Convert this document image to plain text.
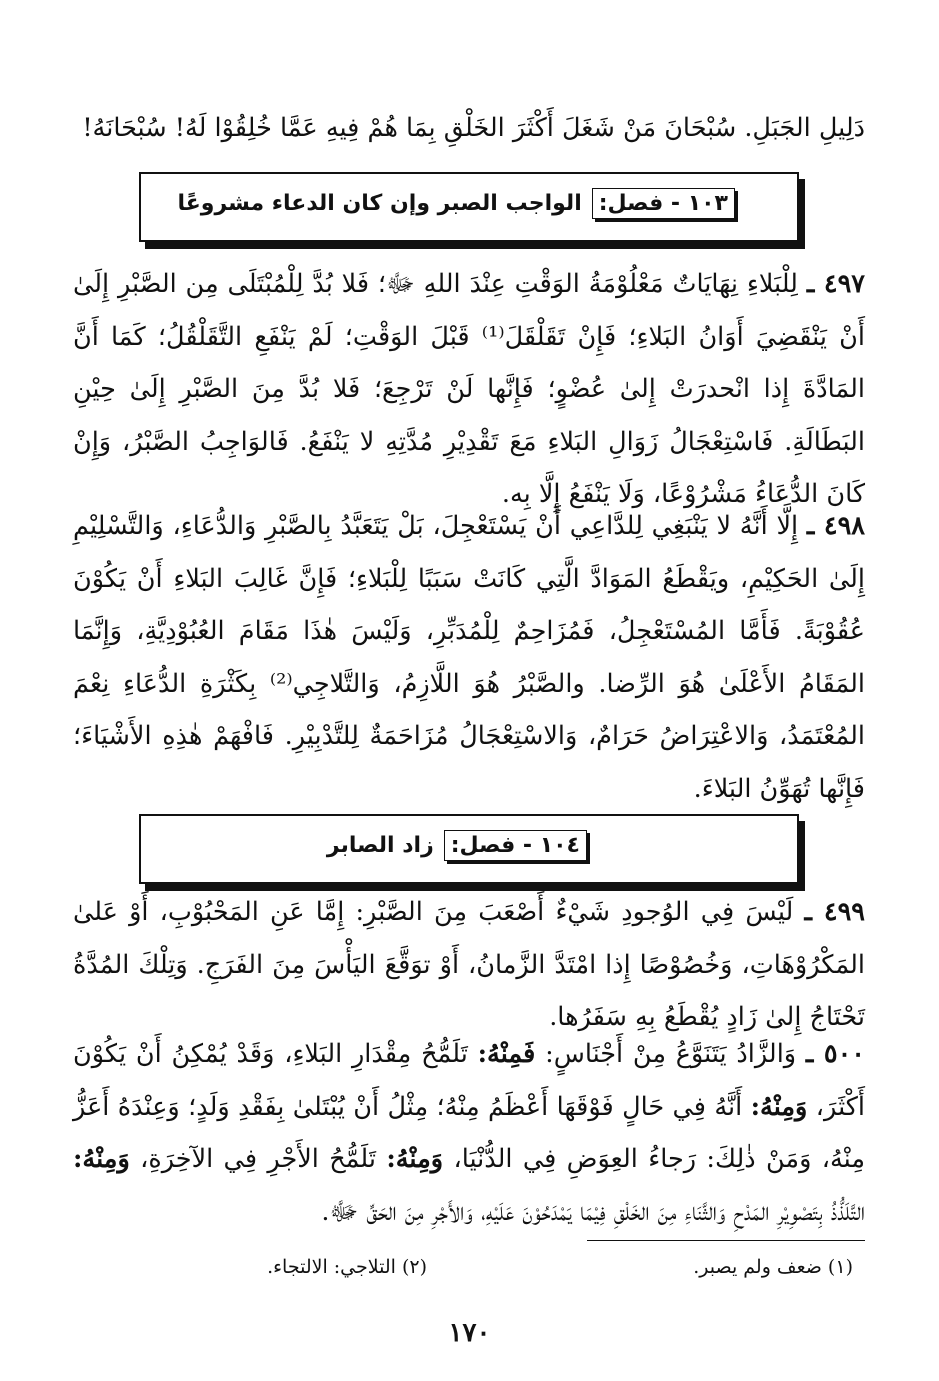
دَلِيلِ الجَبَلِ. سُبْحَانَ مَنْ شَغَلَ أَكْثَرَ الخَلْقِ بِمَا هُمْ فِيهِ عَمَّا خُلِقُوْا لَهُ! سُبْحَانَهُ!
١٠٣ - فصل:
الواجب الصبر وإن كان الدعاء مشروعًا
٤٩٧ ـ لِلْبَلاءِ نِهَايَاتٌ مَعْلُوْمَةُ الوَقْتِ عِنْدَ اللهِ ﷻ؛ فَلا بُدَّ لِلْمُبْتَلَى مِن الصَّبْرِ إِلَىٰ أَنْ يَنْقَضِيَ أَوَانُ البَلاءِ؛ فَإِنْ تَقَلْقَلَ⁽¹⁾ قَبْلَ الوَقْتِ؛ لَمْ يَنْفَعِ التَّقَلْقُلُ؛ كَمَا أَنَّ المَادَّةَ إِذا انْحدرَتْ إِلىٰ عُضْوٍ؛ فَإِنَّها لَنْ تَرْجِعَ؛ فَلا بُدَّ مِنَ الصَّبْرِ إِلَىٰ حِيْنِ البَطَالَةِ. فَاسْتِعْجَالُ زَوَالِ البَلاءِ مَعَ تَقْدِيْرِ مُدَّتِهِ لا يَنْفَعُ. فَالوَاجِبُ الصَّبْرُ، وَإِنْ كَانَ الدُّعَاءُ مَشْرُوْعًا، وَلَا يَنْفَعُ إِلَّا بِه.
٤٩٨ ـ إِلَّا أَنَّهُ لا يَنْبَغِي لِلدَّاعِي أَنْ يَسْتَعْجِلَ، بَلْ يَتَعَبَّدُ بِالصَّبْرِ وَالدُّعَاءِ، وَالتَّسْلِيْمِ إِلَىٰ الحَكِيْمِ، ويَقْطَعُ المَوَادَّ الَّتِي كَانَتْ سَبَبًا لِلْبَلاءِ؛ فَإِنَّ غَالِبَ البَلاءِ أَنْ يَكُوْنَ عُقُوْبَةً. فَأَمَّا المُسْتَعْجِلُ، فَمُزَاحِمٌ لِلْمُدَبِّرِ، وَلَيْسَ هٰذَا مَقَامَ العُبُوْدِيَّةِ، وَإِنَّمَا المَقَامُ الأَعْلَىٰ هُوَ الرِّضا. والصَّبْرُ هُوَ اللَّازِمُ، وَالتَّلاجِي⁽²⁾ بِكَثْرَةِ الدُّعَاءِ نِعْمَ المُعْتَمَدُ، وَالاعْتِرَاضُ حَرَامٌ، وَالاسْتِعْجَالُ مُزَاحَمَةٌ لِلتَّدْبِيْرِ. فَافْهَمْ هٰذِهِ الأَشْيَاءَ؛ فَإِنَّها تُهَوِّنُ البَلاءَ.
١٠٤ - فصل:
زاد الصابر
٤٩٩ ـ لَيْسَ فِي الوُجودِ شَيْءٌ أَصْعَبَ مِنَ الصَّبْرِ: إِمَّا عَنِ المَحْبُوْبِ، أَوْ عَلىٰ المَكْرُوْهَاتِ، وَخُصُوْصًا إِذا امْتَدَّ الزَّمانُ، أَوْ توَقَّعَ اليَأْسَ مِنَ الفَرَجِ. وَتِلْكَ المُدَّةُ تَحْتَاجُ إِلىٰ زَادٍ يُقْطَعُ بِهِ سَفَرُها.
٥٠٠ ـ وَالزَّادُ يَتَنَوَّعُ مِنْ أَجْنَاسٍ: فَمِنْهُ: تَلَمُّحُ مِقْدَارِ البَلاءِ، وَقَدْ يُمْكِنُ أَنْ يَكُوْنَ أَكْثَرَ، وَمِنْهُ: أَنَّهُ فِي حَالٍ فَوْقَهَا أَعْظَمُ مِنْهُ؛ مِثْلُ أَنْ يُبْتَلىٰ بِفَقْدِ وَلَدٍ؛ وَعِنْدَهُ أَعَزُّ مِنْهُ، وَمَنْ ذٰلِكَ: رَجاءُ العِوَضِ فِي الدُّنْيَا، وَمِنْهُ: تَلَمُّحُ الأَجْرِ فِي الآخِرَةِ، وَمِنْهُ: التَّلَذُّذُ بِتَصْوِيْرِ المَدْحِ وَالثَّنَاءِ مِنَ الخَلْقِ فِيْمَا يَمْدَحُوْنَ عَلَيْهِ، وَالأَجْرِ مِنَ الحَقِّ ﷻ.
(١) ضعف ولم يصبر.
(٢) التلاجي: الالتجاء.
١٧٠
